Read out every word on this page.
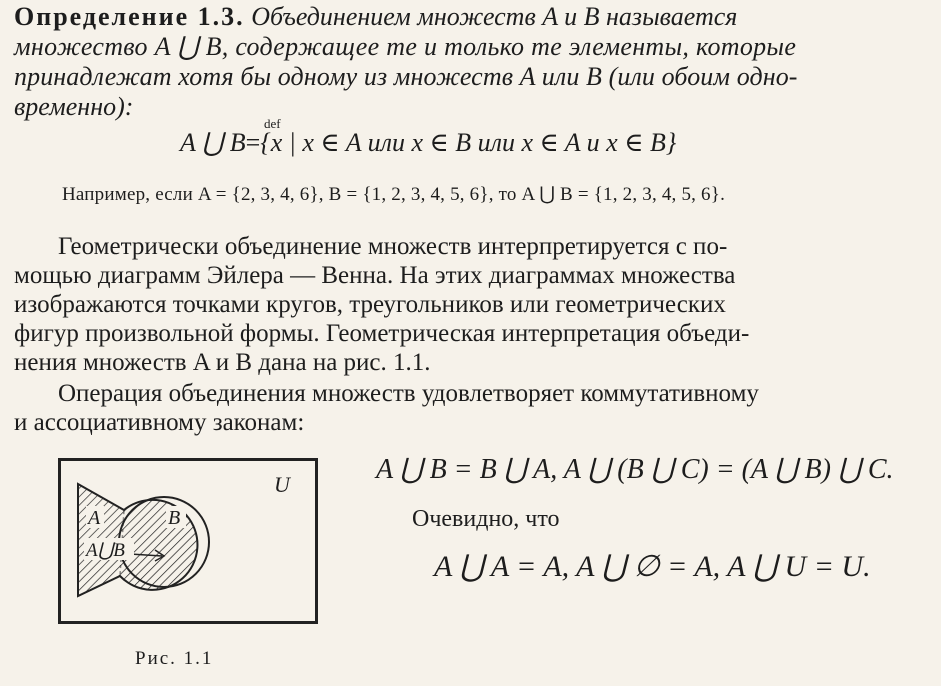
Определение 1.3. Объединением множеств A и B называется
множество A ⋃ B, содержащее те и только те элементы, которые
принадлежат хотя бы одному из множеств A или B (или обоим одно-
временно):
A ⋃ B
def
={x | x ∈ A или x ∈ B или x ∈ A и x ∈ B}
Например, если A = {2, 3, 4, 6}, B = {1, 2, 3, 4, 5, 6}, то A ⋃ B = {1, 2, 3, 4, 5, 6}.
Геометрически объединение множеств интерпретируется с по-
мощью диаграмм Эйлера — Венна. На этих диаграммах множества
изображаются точками кругов, треугольников или геометрических
фигур произвольной формы. Геометрическая интерпретация объеди-
нения множеств A и B дана на рис. 1.1.
Операция объединения множеств удовлетворяет коммутативному
и ассоциативному законам:
A ⋃ B = B ⋃ A, A ⋃ (B ⋃ C) = (A ⋃ B) ⋃ C.
Очевидно, что
A ⋃ A = A, A ⋃ ∅ = A, A ⋃ U = U.
A	B
A⋃B
U
Рис. 1.1
